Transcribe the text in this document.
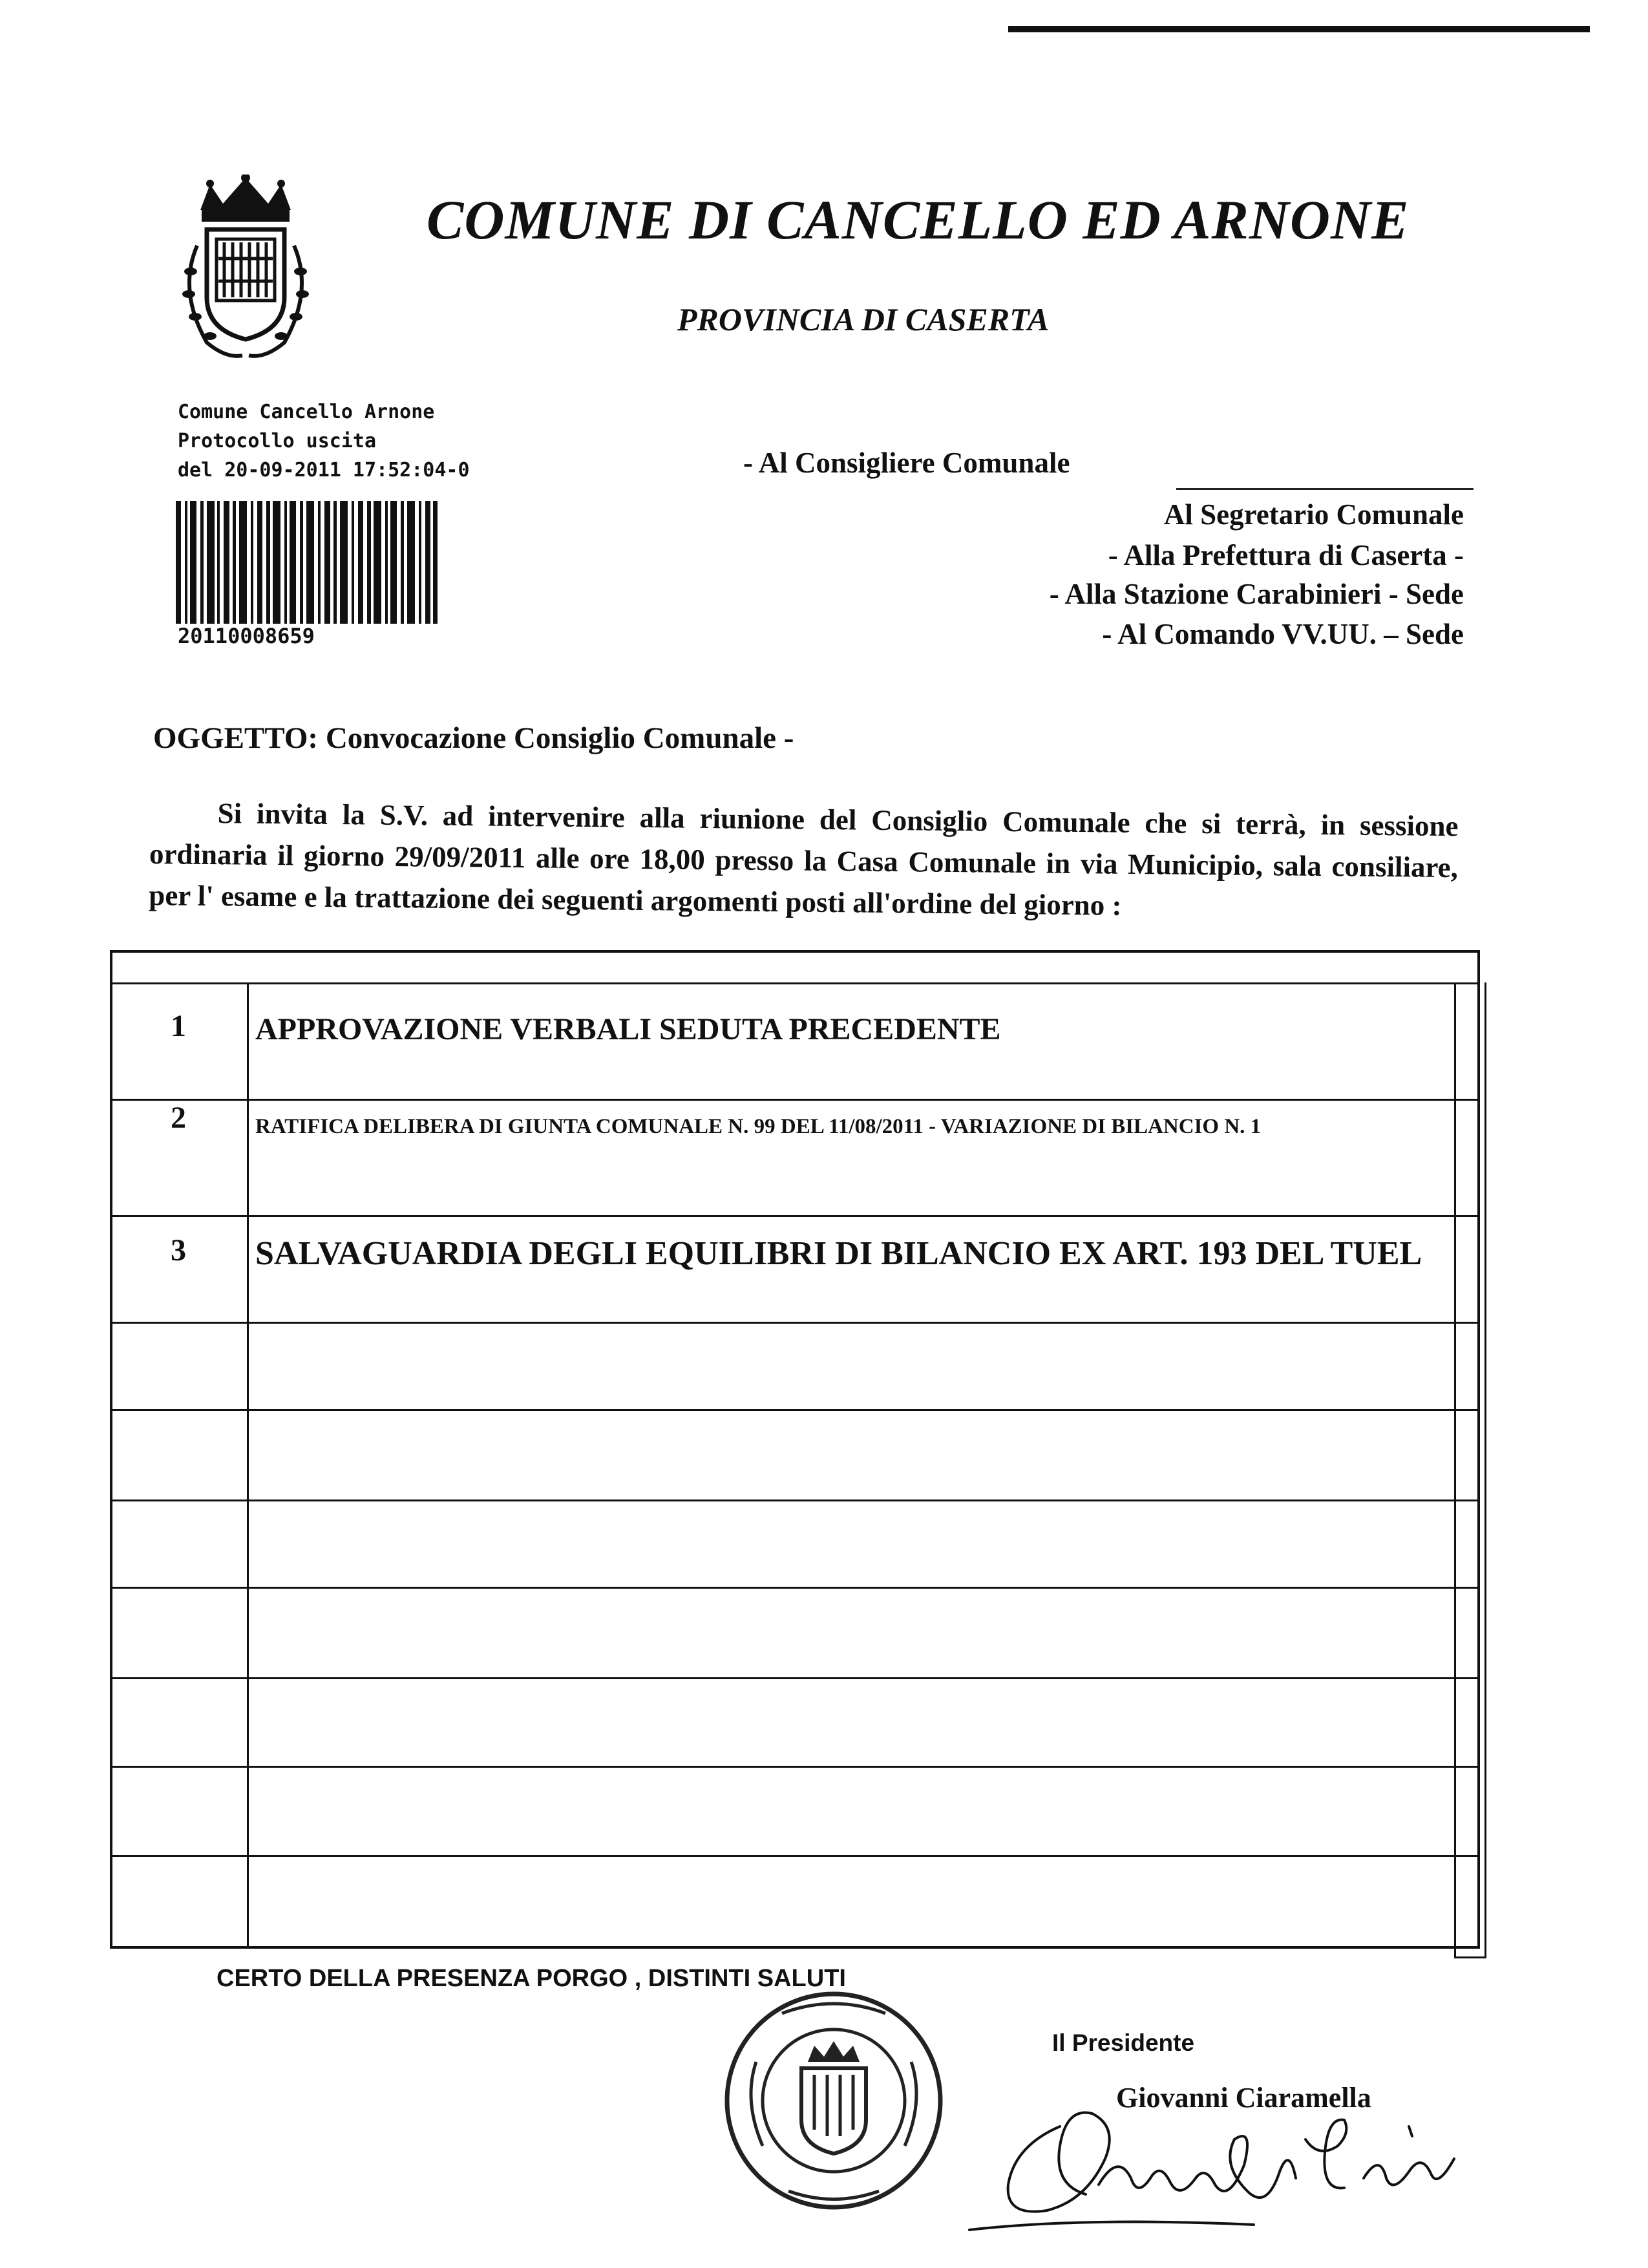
COMUNE DI CANCELLO ED ARNONE
PROVINCIA DI CASERTA
Comune Cancello Arnone
Protocollo uscita
del 20-09-2011 17:52:04-0
20110008659
- Al Consigliere Comunale
Al Segretario Comunale
- Alla Prefettura di Caserta -
- Alla Stazione Carabinieri - Sede
- Al Comando VV.UU. – Sede
OGGETTO: Convocazione Consiglio Comunale -
Si invita la S.V. ad intervenire alla riunione del Consiglio Comunale che si terrà, in sessione ordinaria il giorno 29/09/2011 alle ore 18,00 presso la Casa Comunale in via Municipio, sala consiliare, per l' esame e la trattazione dei seguenti argomenti posti all'ordine del giorno :
1	APPROVAZIONE VERBALI SEDUTA PRECEDENTE
2	RATIFICA DELIBERA DI GIUNTA COMUNALE N. 99 DEL 11/08/2011 - VARIAZIONE DI BILANCIO N. 1
3	SALVAGUARDIA DEGLI EQUILIBRI DI BILANCIO EX ART. 193 DEL TUEL
CERTO DELLA PRESENZA PORGO , DISTINTI SALUTI
Il Presidente
Giovanni Ciaramella
